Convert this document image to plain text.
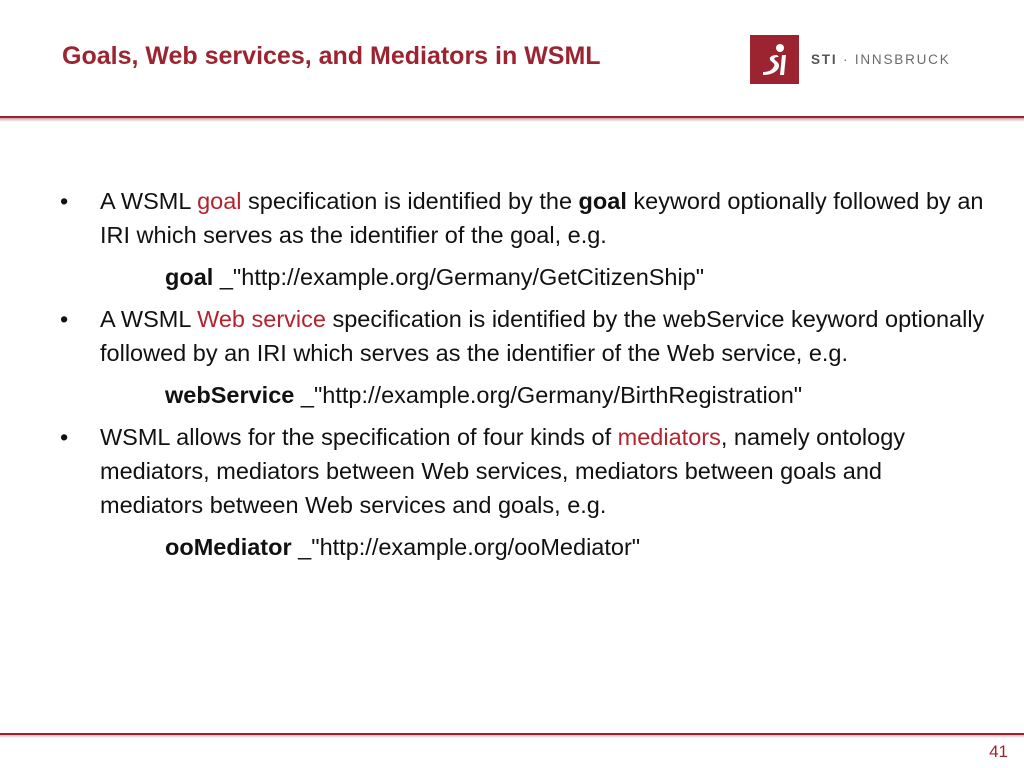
Goals, Web services, and Mediators in WSML	STI · INNSBRUCK
• A WSML goal specification is identified by the goal keyword optionally followed by an IRI which serves as the identifier of the goal, e.g.
goal _"http://example.org/Germany/GetCitizenShip"
• A WSML Web service specification is identified by the webService keyword optionally followed by an IRI which serves as the identifier of the Web service, e.g.
webService _"http://example.org/Germany/BirthRegistration"
• WSML allows for the specification of four kinds of mediators, namely ontology mediators, mediators between Web services, mediators between goals and mediators between Web services and goals, e.g.
ooMediator _"http://example.org/ooMediator"
41
